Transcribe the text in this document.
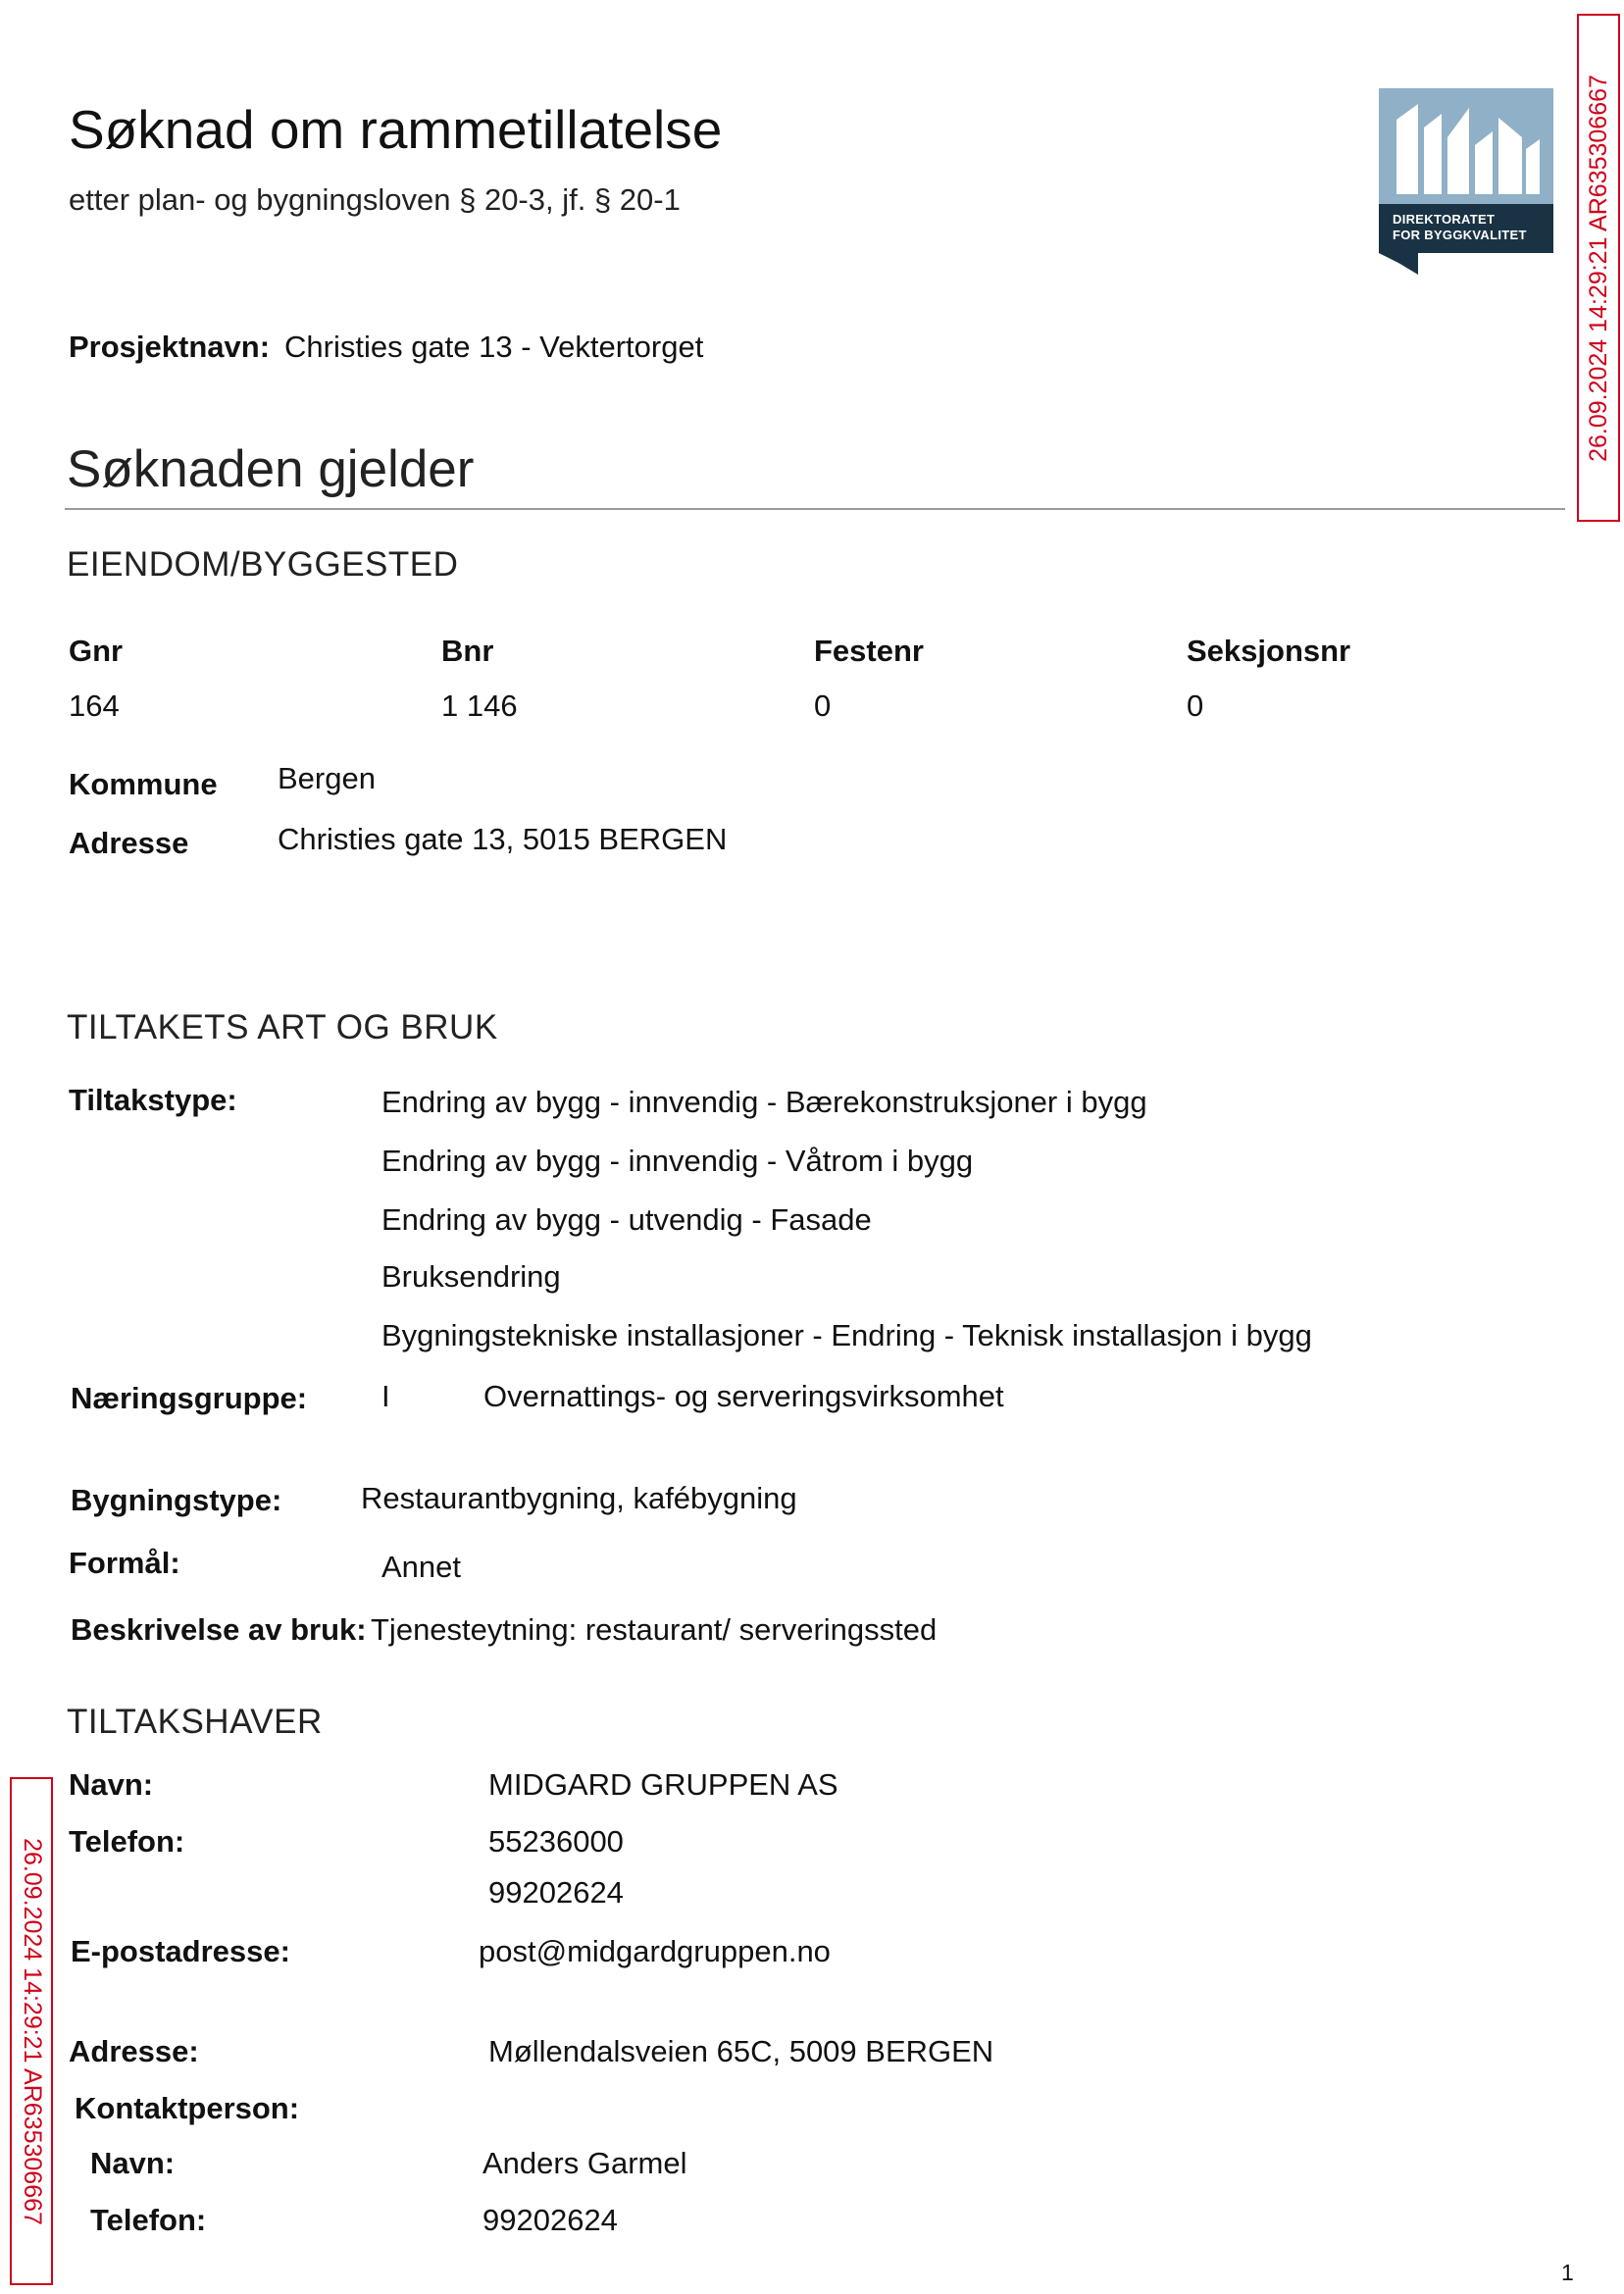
Søknad om rammetillatelse
etter plan- og bygningsloven § 20-3, jf. § 20-1
Prosjektnavn: Christies gate 13 - Vektertorget
DIREKTORATET
FOR BYGGKVALITET 26.09.2024 14:29:21 AR635306667
26.09.2024 14:29:21 AR635306667
Søknaden gjelder
EIENDOM/BYGGESTED
Gnr	Bnr	Festenr	Seksjonsnr
164	1 146	0	0
Kommune Bergen
Adresse	Christies gate 13, 5015 BERGEN
TILTAKETS ART OG BRUK
Tiltakstype:	Endring av bygg - innvendig - Bærekonstruksjoner i bygg
Endring av bygg - innvendig - Våtrom i bygg
Endring av bygg - utvendig - Fasade
Bruksendring
Bygningstekniske installasjoner - Endring - Teknisk installasjon i bygg
Næringsgruppe: I	Overnattings- og serveringsvirksomhet
Bygningstype:	Restaurantbygning, kafébygning
Formål:	Annet
Beskrivelse av bruk: Tjenesteytning: restaurant/ serveringssted
TILTAKSHAVER
Navn:	MIDGARD GRUPPEN AS
Telefon:	55236000
99202624
E-postadresse:	post@midgardgruppen.no
Adresse:	Møllendalsveien 65C, 5009 BERGEN
Kontaktperson:
Navn:	Anders Garmel
Telefon:	99202624
1
